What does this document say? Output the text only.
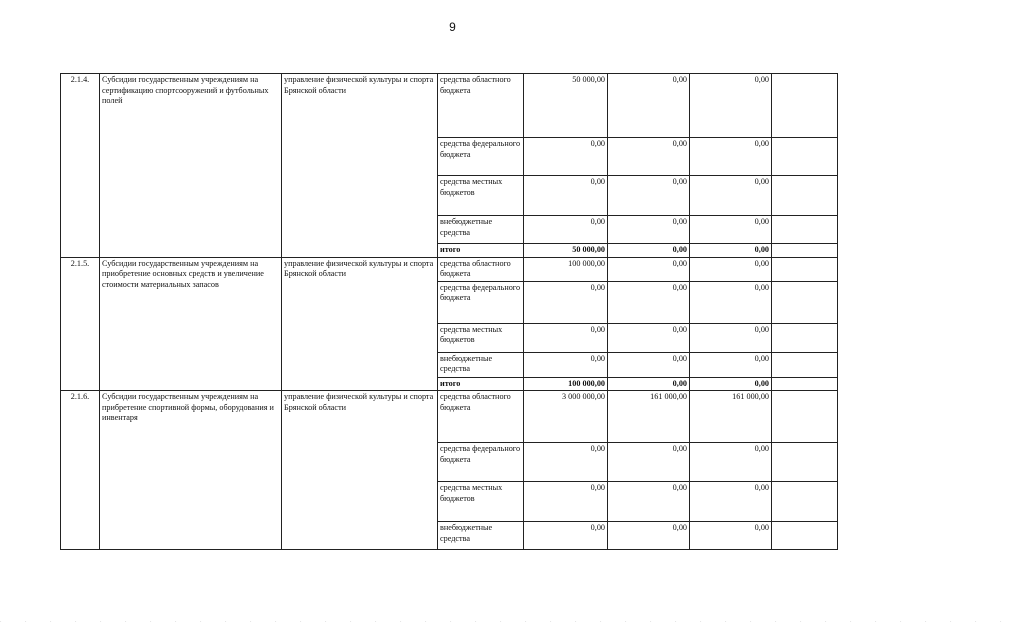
9
2.1.4.	Субсидии государственным учреждениям на сертификацию спортсооружений и футбольных полей	управление физической культуры и спорта Брянской области	средства областного бюджета	50 000,00	0,00	0,00	
			средства федерального бюджета	0,00	0,00	0,00	
			средства местных бюджетов	0,00	0,00	0,00	
			внебюджетные средства	0,00	0,00	0,00	
			итого	50 000,00	0,00	0,00	
2.1.5.	Субсидии государственным учреждениям на приобретение основных средств и увеличение стоимости материальных запасов	управление физической культуры и спорта Брянской области	средства областного бюджета	100 000,00	0,00	0,00	
			средства федерального бюджета	0,00	0,00	0,00	
			средства местных бюджетов	0,00	0,00	0,00	
			внебюджетные средства	0,00	0,00	0,00	
			итого	100 000,00	0,00	0,00	
2.1.6.	Субсидии государственным учреждениям на прибретение спортивной формы, оборудования и инвентаря	управление физической культуры и спорта Брянской области	средства областного бюджета	3 000 000,00	161 000,00	161 000,00	
			средства федерального бюджета	0,00	0,00	0,00	
			средства местных бюджетов	0,00	0,00	0,00	
			внебюджетные средства	0,00	0,00	0,00	
. . . . . . . . . . . . . . . . . . . . . . . . . . . . . . . . . . . . . . . . .
